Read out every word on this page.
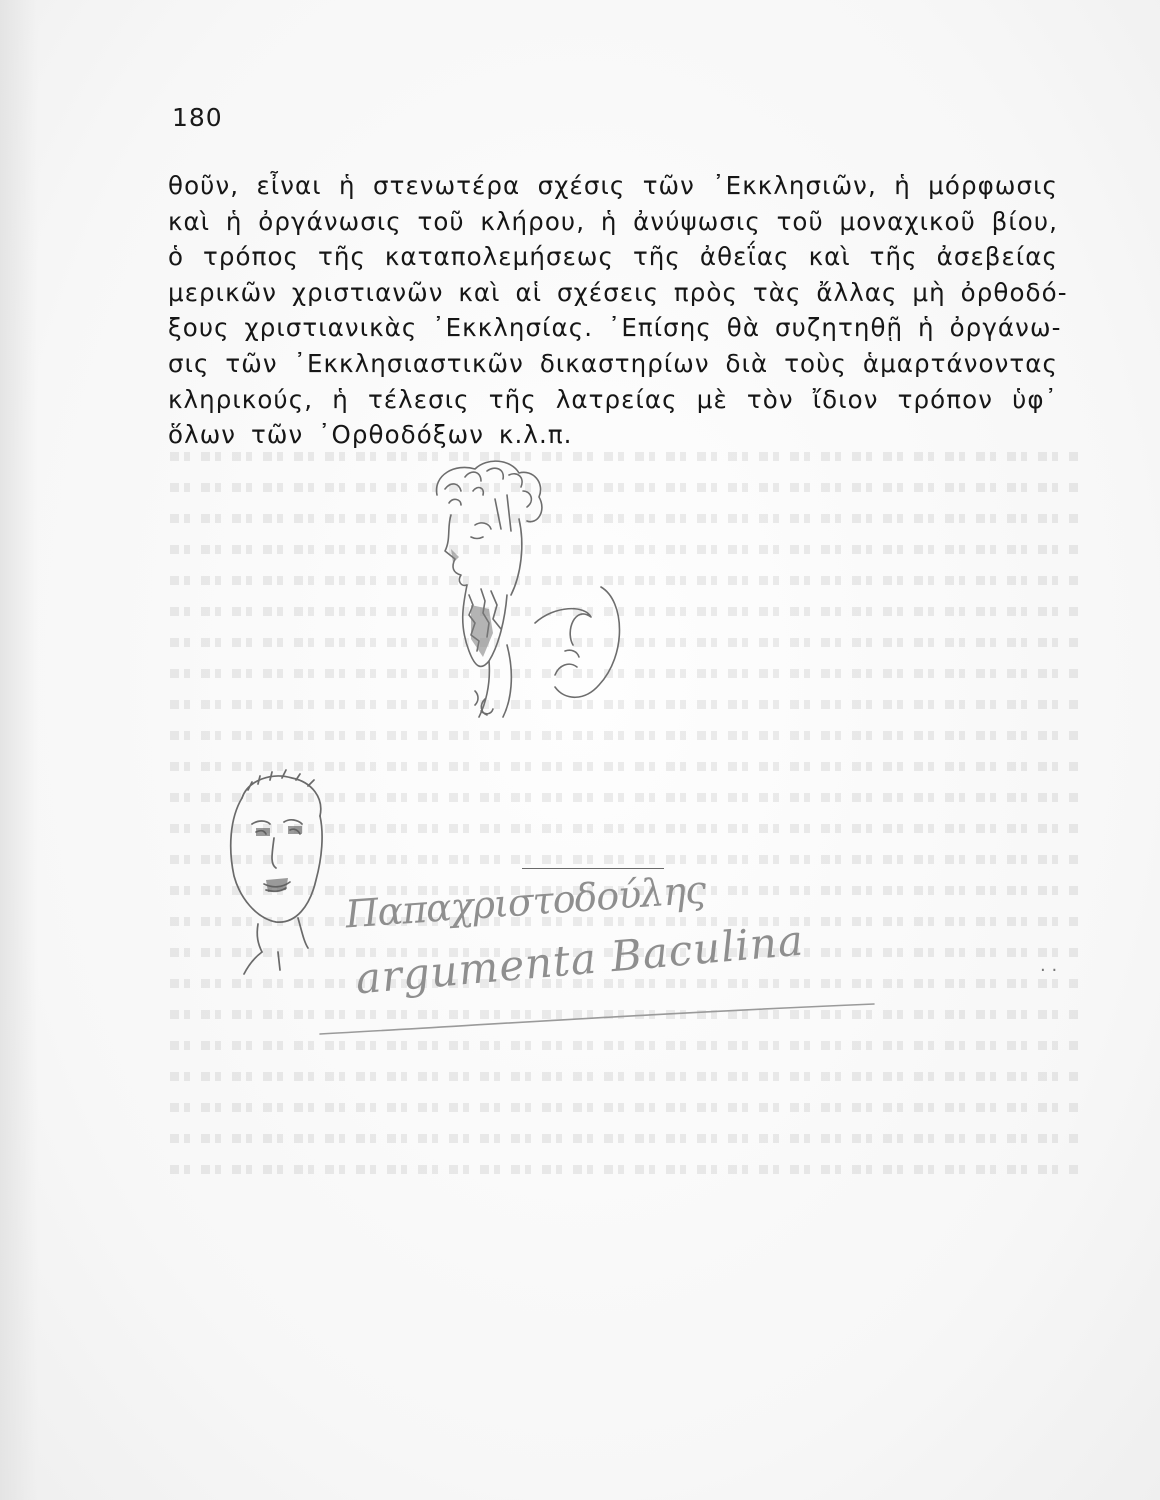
180
θοῦν, εἶναι ἡ στενωτέρα σχέσις τῶν ᾿Εκκλησιῶν, ἡ μόρφωσις
καὶ ἡ ὀργάνωσις τοῦ κλήρου, ἡ ἀνύψωσις τοῦ μοναχικοῦ βίου,
ὁ τρόπος τῆς καταπολεμήσεως τῆς ἀθεΐας καὶ τῆς ἀσεβείας
μερικῶν χριστιανῶν καὶ αἱ σχέσεις πρὸς τὰς ἄλλας μὴ ὀρθοδό-
ξους χριστιανικὰς ᾿Εκκλησίας. ᾿Επίσης θὰ συζητηθῇ ἡ ὀργάνω-
σις τῶν ᾿Εκκλησιαστικῶν δικαστηρίων διὰ τοὺς ἁμαρτάνοντας
κληρικούς, ἡ τέλεσις τῆς λατρείας μὲ τὸν ἴδιον τρόπον ὑφ᾿
ὅλων τῶν ᾿Ορθοδόξων κ.λ.π.
Παπαχριστοδούλης
argumenta Baculina	. .
